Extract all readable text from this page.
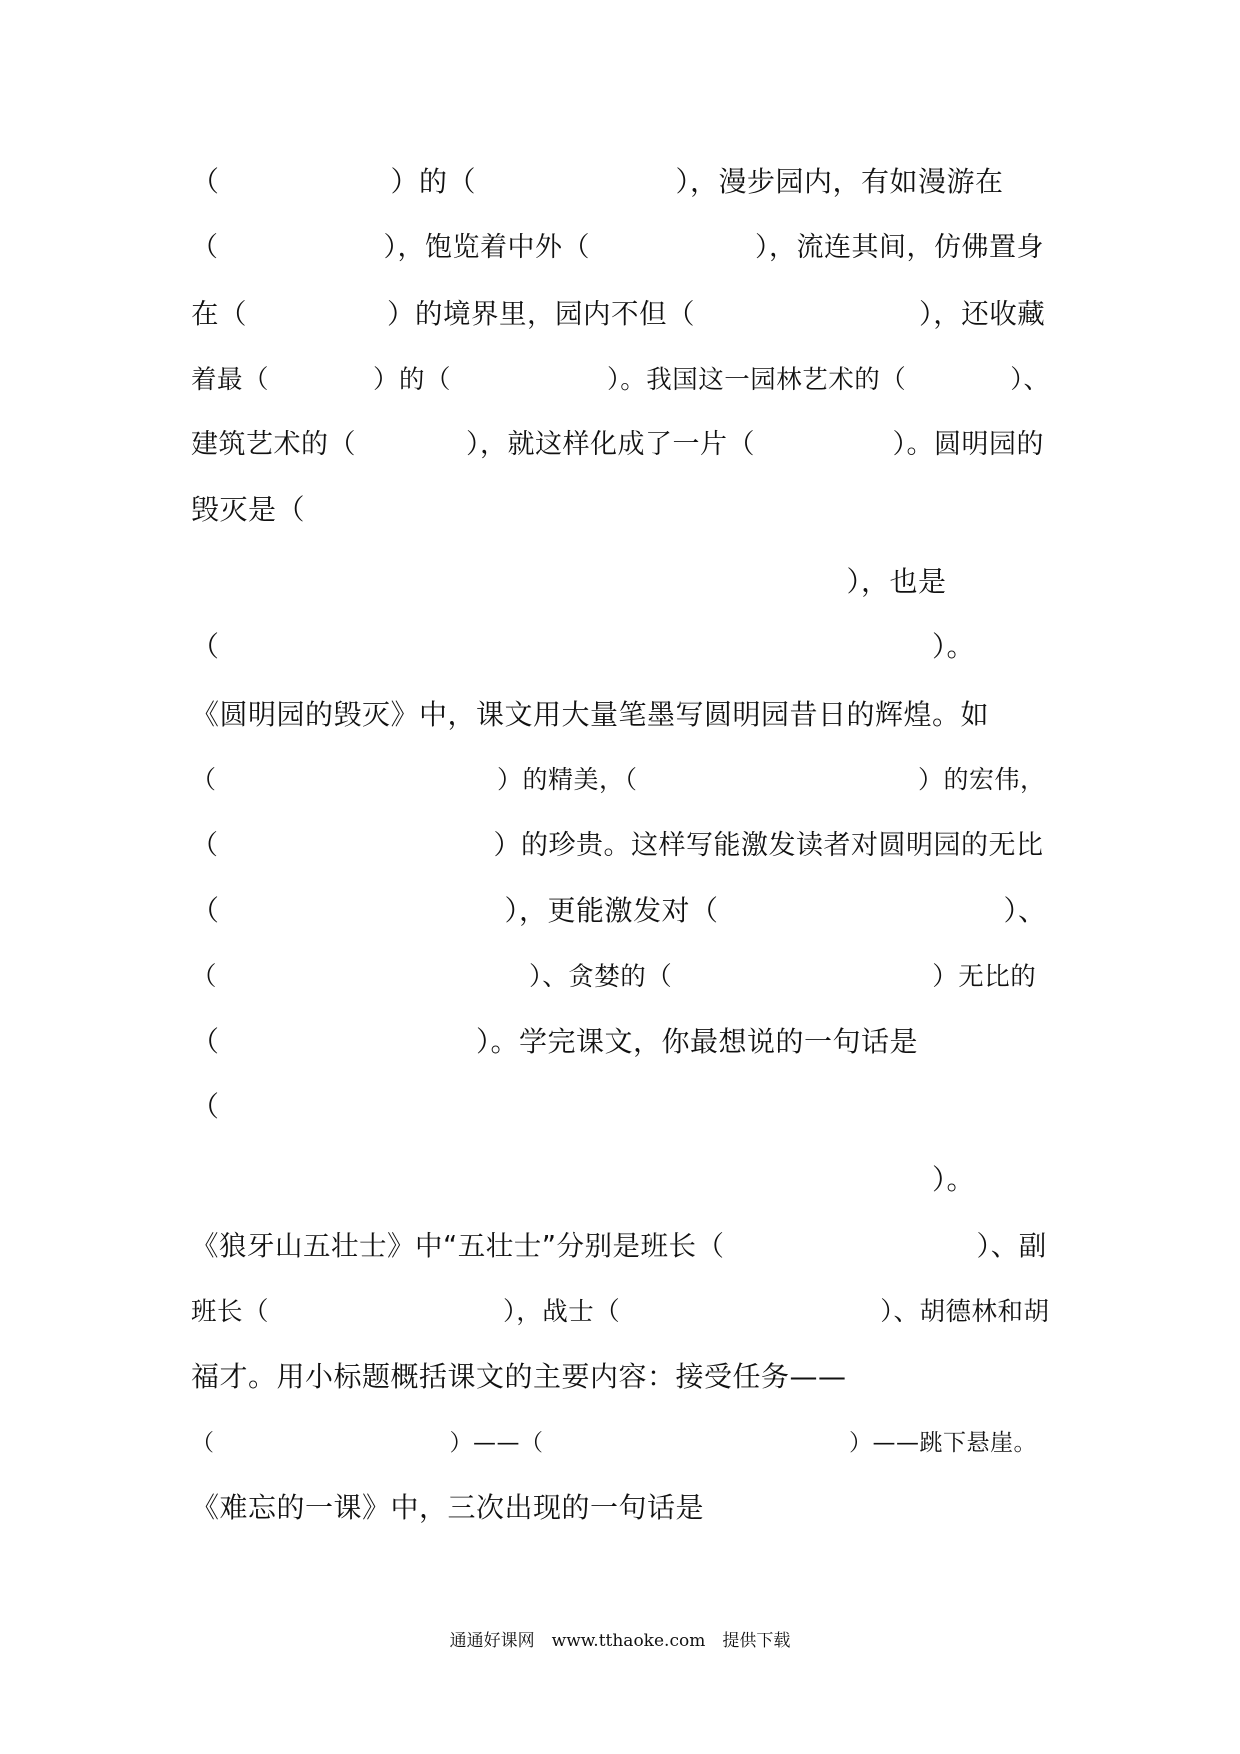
（　　　　　　）的（　　　　　　　），漫步园内，有如漫游在
（　　　　　　），饱览着中外（　　　　　　），流连其间，仿佛置身
在（　　　　　）的境界里，园内不但（　　　　　　　　），还收藏
着最（　　　　）的（　　　　　　）。我国这一园林艺术的（　　　　）、
建筑艺术的（　　　　），就这样化成了一片（　　　　　）。圆明园的
毁灭是（
　　　　　　　　　　　　　　　　　　　　　　　），也是
（　　　　　　　　　　　　　　　　　　　　　　　　　）。
《圆明园的毁灭》中，课文用大量笔墨写圆明园昔日的辉煌。如
（　　　　　　　　　　　）的精美，（　　　　　　　　　　　）的宏伟，
（　　　　　　　　　　）的珍贵。这样写能激发读者对圆明园的无比
（　　　　　　　　　　），更能激发对（　　　　　　　　　　）、
（　　　　　　　　　　　　）、贪婪的（　　　　　　　　　　）无比的
（　　　　　　　　　）。学完课文，你最想说的一句话是
（
　　　　　　　　　　　　　　　　　　　　　　　　　　）。
《狼牙山五壮士》中“五壮士”分别是班长（　　　　　　　　　）、副
班长（　　　　　　　　　），战士（　　　　　　　　　　）、胡德林和胡
福才。用小标题概括课文的主要内容：接受任务——
（　　　　　　　　　　）——（　　　　　　　　　　　　　）——跳下悬崖。
《难忘的一课》中，三次出现的一句话是
通通好课网　www.tthaoke.com　提供下载
